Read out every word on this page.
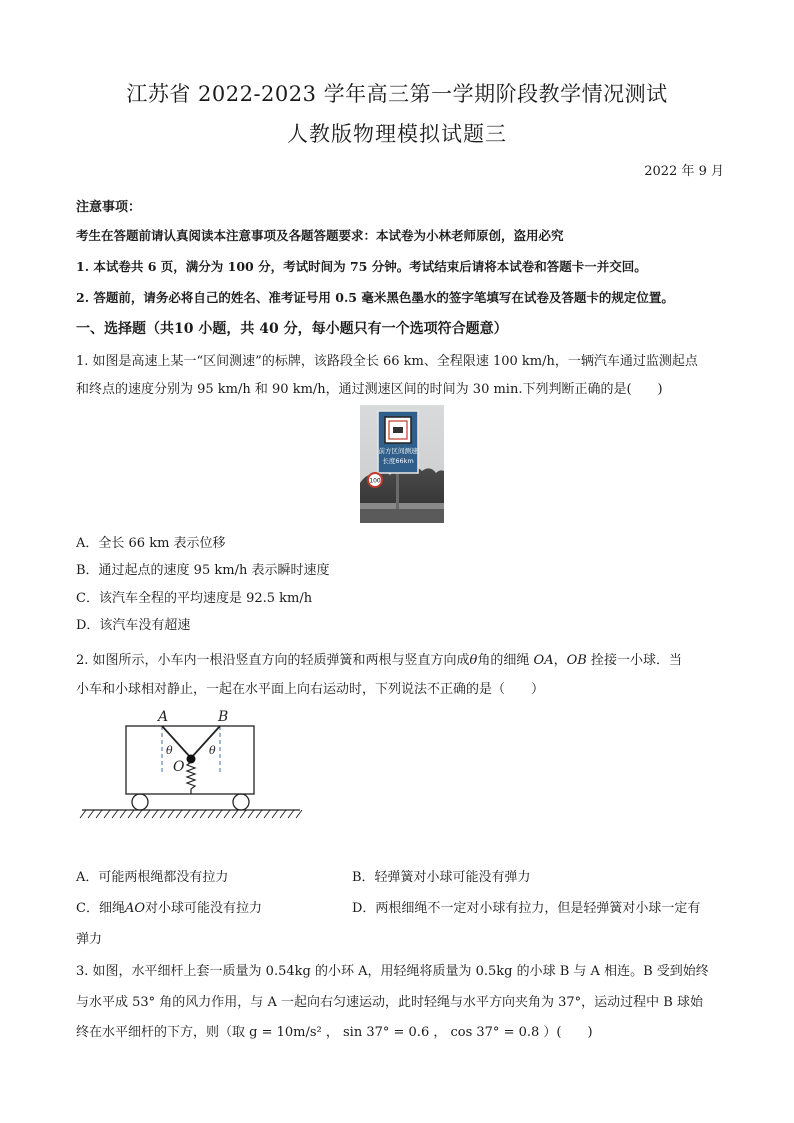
江苏省 2022-2023 学年高三第一学期阶段教学情况测试
人教版物理模拟试题三
2022 年 9 月
注意事项：
考生在答题前请认真阅读本注意事项及各题答题要求：本试卷为小林老师原创，盗用必究
1. 本试卷共 6 页，满分为 100 分，考试时间为 75 分钟。考试结束后请将本试卷和答题卡一并交回。
2. 答题前，请务必将自己的姓名、准考证号用 0.5 毫米黑色墨水的签字笔填写在试卷及答题卡的规定位置。
一、选择题（共10 小题，共 40 分，每小题只有一个选项符合题意）
1. 如图是高速上某一“区间测速”的标牌，该路段全长 66 km、全程限速 100 km/h，一辆汽车通过监测起点
和终点的速度分别为 95 km/h 和 90 km/h，通过测速区间的时间为 30 min.下列判断正确的是(　　)
前方区间测速
长度66km
100
A．全长 66 km 表示位移
B．通过起点的速度 95 km/h 表示瞬时速度
C．该汽车全程的平均速度是 92.5 km/h
D．该汽车没有超速
2. 如图所示，小车内一根沿竖直方向的轻质弹簧和两根与竖直方向成θ角的细绳 OA，OB 拴接一小球．当
小车和小球相对静止，一起在水平面上向右运动时，下列说法不正确的是（　　）
A	B
O
θ	θ
A．可能两根绳都没有拉力	B．轻弹簧对小球可能没有弹力
C．细绳AO对小球可能没有拉力	D．两根细绳不一定对小球有拉力，但是轻弹簧对小球一定有
弹力
3. 如图，水平细杆上套一质量为 0.54kg 的小环 A，用轻绳将质量为 0.5kg 的小球 B 与 A 相连。B 受到始终
与水平成 53° 角的风力作用，与 A 一起向右匀速运动，此时轻绳与水平方向夹角为 37°，运动过程中 B 球始
终在水平细杆的下方，则（取 g = 10m/s² ， sin 37° = 0.6 ， cos 37° = 0.8 ）(　　)
